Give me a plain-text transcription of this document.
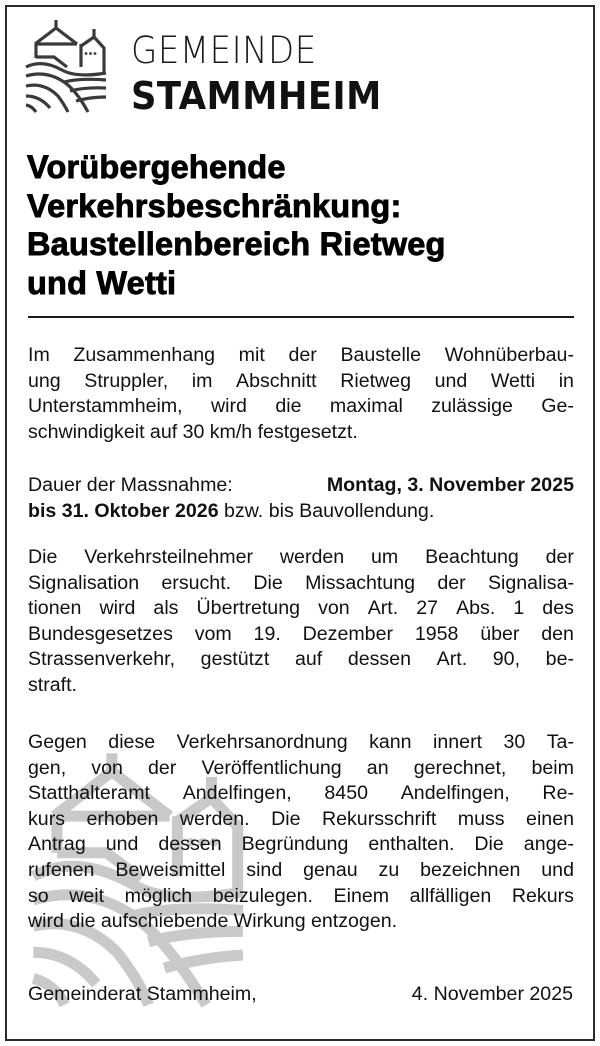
GEMEINDE
STAMMHEIM
Vorübergehende
Verkehrsbeschränkung:
Baustellenbereich Rietweg
und Wetti
Im Zusammenhang mit der Baustelle Wohnüberbau-
ung Struppler, im Abschnitt Rietweg und Wetti in
Unterstammheim, wird die maximal zulässige Ge-
schwindigkeit auf 30 km/h festgesetzt.
Dauer der Massnahme:	Montag, 3. November 2025
bis 31. Oktober 2026 bzw. bis Bauvollendung.
Die Verkehrsteilnehmer werden um Beachtung der
Signalisation ersucht. Die Missachtung der Signalisa-
tionen wird als Übertretung von Art. 27 Abs. 1 des
Bundesgesetzes vom 19. Dezember 1958 über den
Strassenverkehr, gestützt auf dessen Art. 90, be-
straft.
Gegen diese Verkehrsanordnung kann innert 30 Ta-
gen, von der Veröffentlichung an gerechnet, beim
Statthalteramt Andelfingen, 8450 Andelfingen, Re-
kurs erhoben werden. Die Rekursschrift muss einen
Antrag und dessen Begründung enthalten. Die ange-
rufenen Beweismittel sind genau zu bezeichnen und
so weit möglich beizulegen. Einem allfälligen Rekurs
wird die aufschiebende Wirkung entzogen.
Gemeinderat Stammheim,	4. November 2025
